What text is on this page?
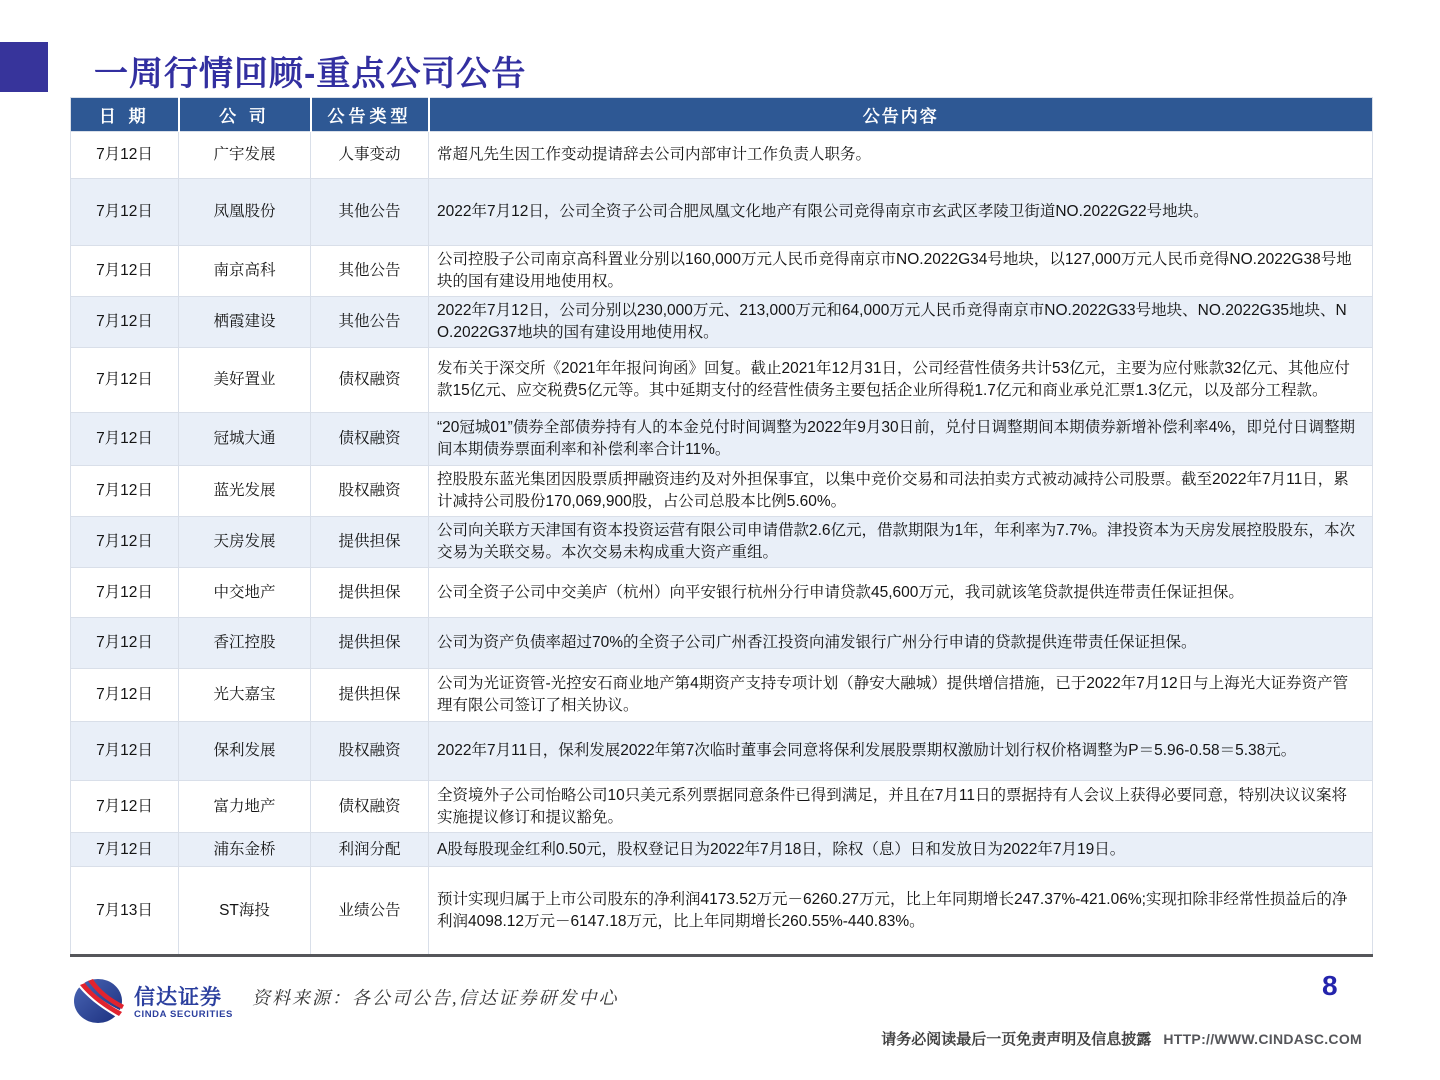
一周行情回顾-重点公司公告
日 期	公 司	公告类型	公告内容
7月12日	广宇发展	人事变动	常超凡先生因工作变动提请辞去公司内部审计工作负责人职务。
7月12日	凤凰股份	其他公告	2022年7月12日，公司全资子公司合肥凤凰文化地产有限公司竞得南京市玄武区孝陵卫街道NO.2022G22号地块。
7月12日	南京高科	其他公告	公司控股子公司南京高科置业分别以160,000万元人民币竞得南京市NO.2022G34号地块，以127,000万元人民币竞得NO.2022G38号地块的国有建设用地使用权。
7月12日	栖霞建设	其他公告	2022年7月12日，公司分别以230,000万元、213,000万元和64,000万元人民币竞得南京市NO.2022G33号地块、NO.2022G35地块、NO.2022G37地块的国有建设用地使用权。
7月12日	美好置业	债权融资	发布关于深交所《2021年年报问询函》回复。截止2021年12月31日，公司经营性债务共计53亿元，主要为应付账款32亿元、其他应付款15亿元、应交税费5亿元等。其中延期支付的经营性债务主要包括企业所得税1.7亿元和商业承兑汇票1.3亿元，以及部分工程款。
7月12日	冠城大通	债权融资	“20冠城01”债券全部债券持有人的本金兑付时间调整为2022年9月30日前，兑付日调整期间本期债券新增补偿利率4%，即兑付日调整期间本期债券票面利率和补偿利率合计11%。
7月12日	蓝光发展	股权融资	控股股东蓝光集团因股票质押融资违约及对外担保事宜，以集中竞价交易和司法拍卖方式被动减持公司股票。截至2022年7月11日，累计减持公司股份170,069,900股，占公司总股本比例5.60%。
7月12日	天房发展	提供担保	公司向关联方天津国有资本投资运营有限公司申请借款2.6亿元，借款期限为1年，年利率为7.7%。津投资本为天房发展控股股东，本次交易为关联交易。本次交易未构成重大资产重组。
7月12日	中交地产	提供担保	公司全资子公司中交美庐（杭州）向平安银行杭州分行申请贷款45,600万元，我司就该笔贷款提供连带责任保证担保。
7月12日	香江控股	提供担保	公司为资产负债率超过70%的全资子公司广州香江投资向浦发银行广州分行申请的贷款提供连带责任保证担保。
7月12日	光大嘉宝	提供担保	公司为光证资管-光控安石商业地产第4期资产支持专项计划（静安大融城）提供增信措施，已于2022年7月12日与上海光大证券资产管理有限公司签订了相关协议。
7月12日	保利发展	股权融资	2022年7月11日，保利发展2022年第7次临时董事会同意将保利发展股票期权激励计划行权价格调整为P＝5.96-0.58＝5.38元。
7月12日	富力地产	债权融资	全资境外子公司怡略公司10只美元系列票据同意条件已得到满足，并且在7月11日的票据持有人会议上获得必要同意，特别决议议案将实施提议修订和提议豁免。
7月12日	浦东金桥	利润分配	A股每股现金红利0.50元，股权登记日为2022年7月18日，除权（息）日和发放日为2022年7月19日。
7月13日	ST海投	业绩公告	预计实现归属于上市公司股东的净利润4173.52万元－6260.27万元，比上年同期增长247.37%-421.06%;实现扣除非经常性损益后的净利润4098.12万元－6147.18万元，比上年同期增长260.55%-440.83%。
信达证券
CINDA SECURITIES
资料来源：各公司公告,信达证券研发中心	8
请务必阅读最后一页免责声明及信息披露 HTTP://WWW.CINDASC.COM
